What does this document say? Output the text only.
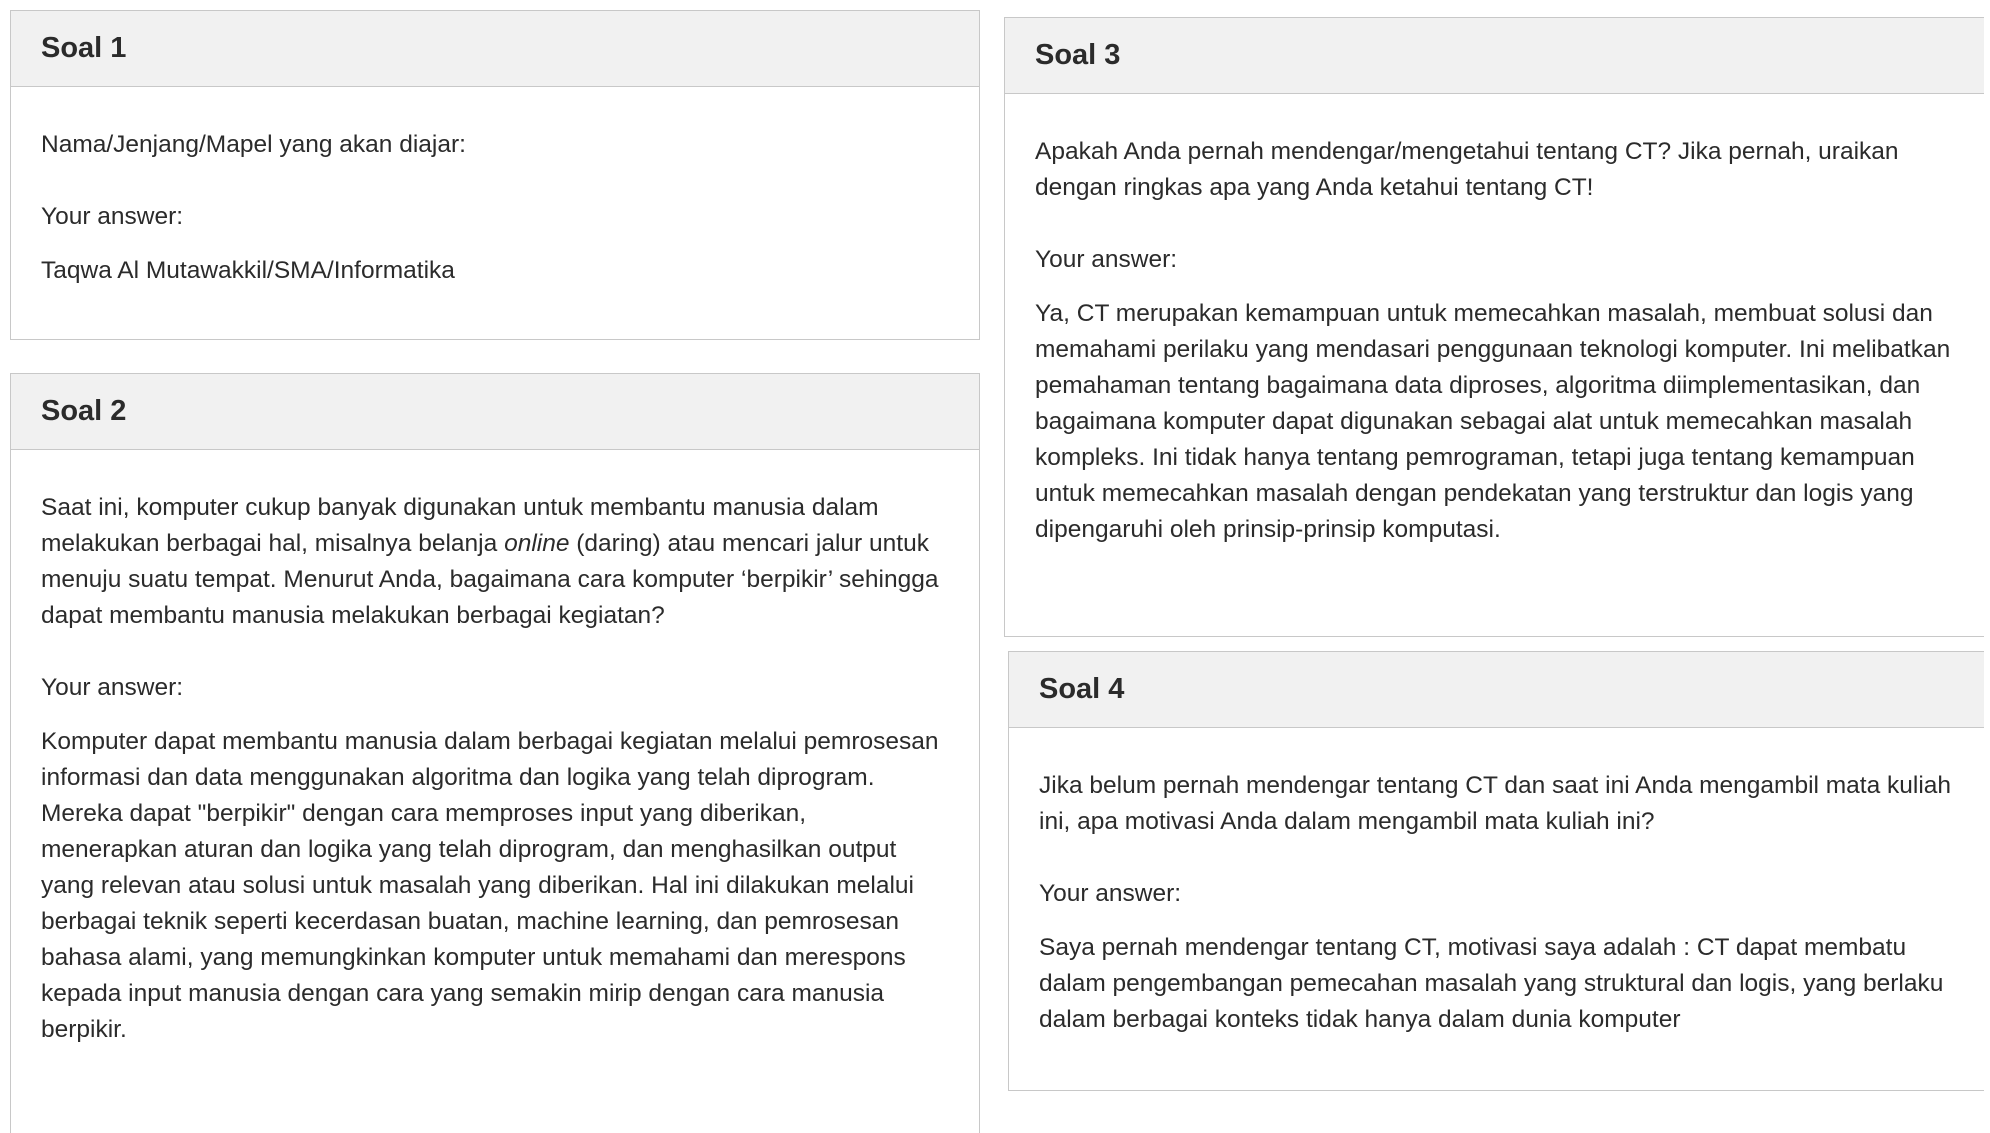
Soal 1

Nama/Jenjang/Mapel yang akan diajar:

Your answer:

Taqwa Al Mutawakkil/SMA/Informatika

Soal 2

Saat ini, komputer cukup banyak digunakan untuk membantu manusia dalam melakukan berbagai hal, misalnya belanja online (daring) atau mencari jalur untuk menuju suatu tempat. Menurut Anda, bagaimana cara komputer ‘berpikir’ sehingga dapat membantu manusia melakukan berbagai kegiatan?

Your answer:

Komputer dapat membantu manusia dalam berbagai kegiatan melalui pemrosesan informasi dan data menggunakan algoritma dan logika yang telah diprogram. Mereka dapat "berpikir" dengan cara memproses input yang diberikan, menerapkan aturan dan logika yang telah diprogram, dan menghasilkan output yang relevan atau solusi untuk masalah yang diberikan. Hal ini dilakukan melalui berbagai teknik seperti kecerdasan buatan, machine learning, dan pemrosesan bahasa alami, yang memungkinkan komputer untuk memahami dan merespons kepada input manusia dengan cara yang semakin mirip dengan cara manusia berpikir.

Soal 3

Apakah Anda pernah mendengar/mengetahui tentang CT? Jika pernah, uraikan dengan ringkas apa yang Anda ketahui tentang CT!

Your answer:

Ya, CT merupakan kemampuan untuk memecahkan masalah, membuat solusi dan memahami perilaku yang mendasari penggunaan teknologi komputer. Ini melibatkan pemahaman tentang bagaimana data diproses, algoritma diimplementasikan, dan bagaimana komputer dapat digunakan sebagai alat untuk memecahkan masalah kompleks. Ini tidak hanya tentang pemrograman, tetapi juga tentang kemampuan untuk memecahkan masalah dengan pendekatan yang terstruktur dan logis yang dipengaruhi oleh prinsip-prinsip komputasi.

Soal 4

Jika belum pernah mendengar tentang CT dan saat ini Anda mengambil mata kuliah ini, apa motivasi Anda dalam mengambil mata kuliah ini?

Your answer:

Saya pernah mendengar tentang CT, motivasi saya adalah : CT dapat membatu dalam pengembangan pemecahan masalah yang struktural dan logis, yang berlaku dalam berbagai konteks tidak hanya dalam dunia komputer
